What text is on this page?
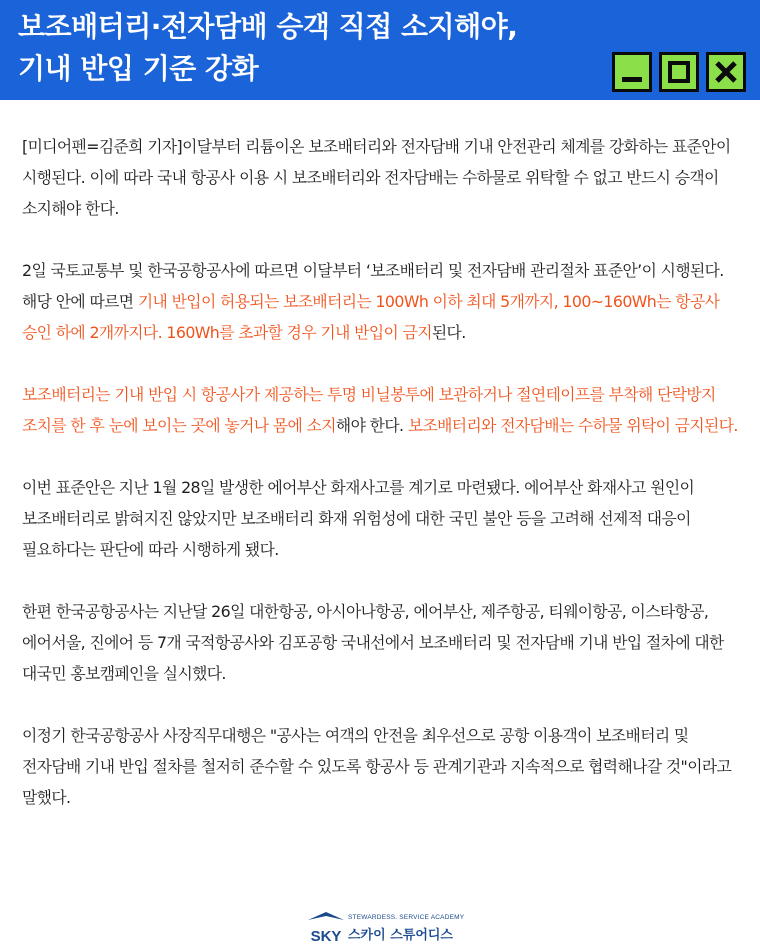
보조배터리·전자담배 승객 직접 소지해야,
기내 반입 기준 강화

[미디어펜=김준희 기자]이달부터 리튬이온 보조배터리와 전자담배 기내 안전관리 체계를 강화하는 표준안이 시행된다. 이에 따라 국내 항공사 이용 시 보조배터리와 전자담배는 수하물로 위탁할 수 없고 반드시 승객이 소지해야 한다.

2일 국토교통부 및 한국공항공사에 따르면 이달부터 ‘보조배터리 및 전자담배 관리절차 표준안’이 시행된다.
해당 안에 따르면 기내 반입이 허용되는 보조배터리는 100Wh 이하 최대 5개까지, 100~160Wh는 항공사 승인 하에 2개까지다. 160Wh를 초과할 경우 기내 반입이 금지된다.

보조배터리는 기내 반입 시 항공사가 제공하는 투명 비닐봉투에 보관하거나 절연테이프를 부착해 단락방지 조치를 한 후 눈에 보이는 곳에 놓거나 몸에 소지해야 한다. 보조배터리와 전자담배는 수하물 위탁이 금지된다.

이번 표준안은 지난 1월 28일 발생한 에어부산 화재사고를 계기로 마련됐다. 에어부산 화재사고 원인이 보조배터리로 밝혀지진 않았지만 보조배터리 화재 위험성에 대한 국민 불안 등을 고려해 선제적 대응이 필요하다는 판단에 따라 시행하게 됐다.

한편 한국공항공사는 지난달 26일 대한항공, 아시아나항공, 에어부산, 제주항공, 티웨이항공, 이스타항공, 에어서울, 진에어 등 7개 국적항공사와 김포공항 국내선에서 보조배터리 및 전자담배 기내 반입 절차에 대한 대국민 홍보캠페인을 실시했다.

이정기 한국공항공사 사장직무대행은 "공사는 여객의 안전을 최우선으로 공항 이용객이 보조배터리 및 전자담배 기내 반입 절차를 철저히 준수할 수 있도록 항공사 등 관계기관과 지속적으로 협력해나갈 것"이라고 말했다.

SKY
STEWARDESS. SERVICE ACADEMY
스카이 스튜어디스
